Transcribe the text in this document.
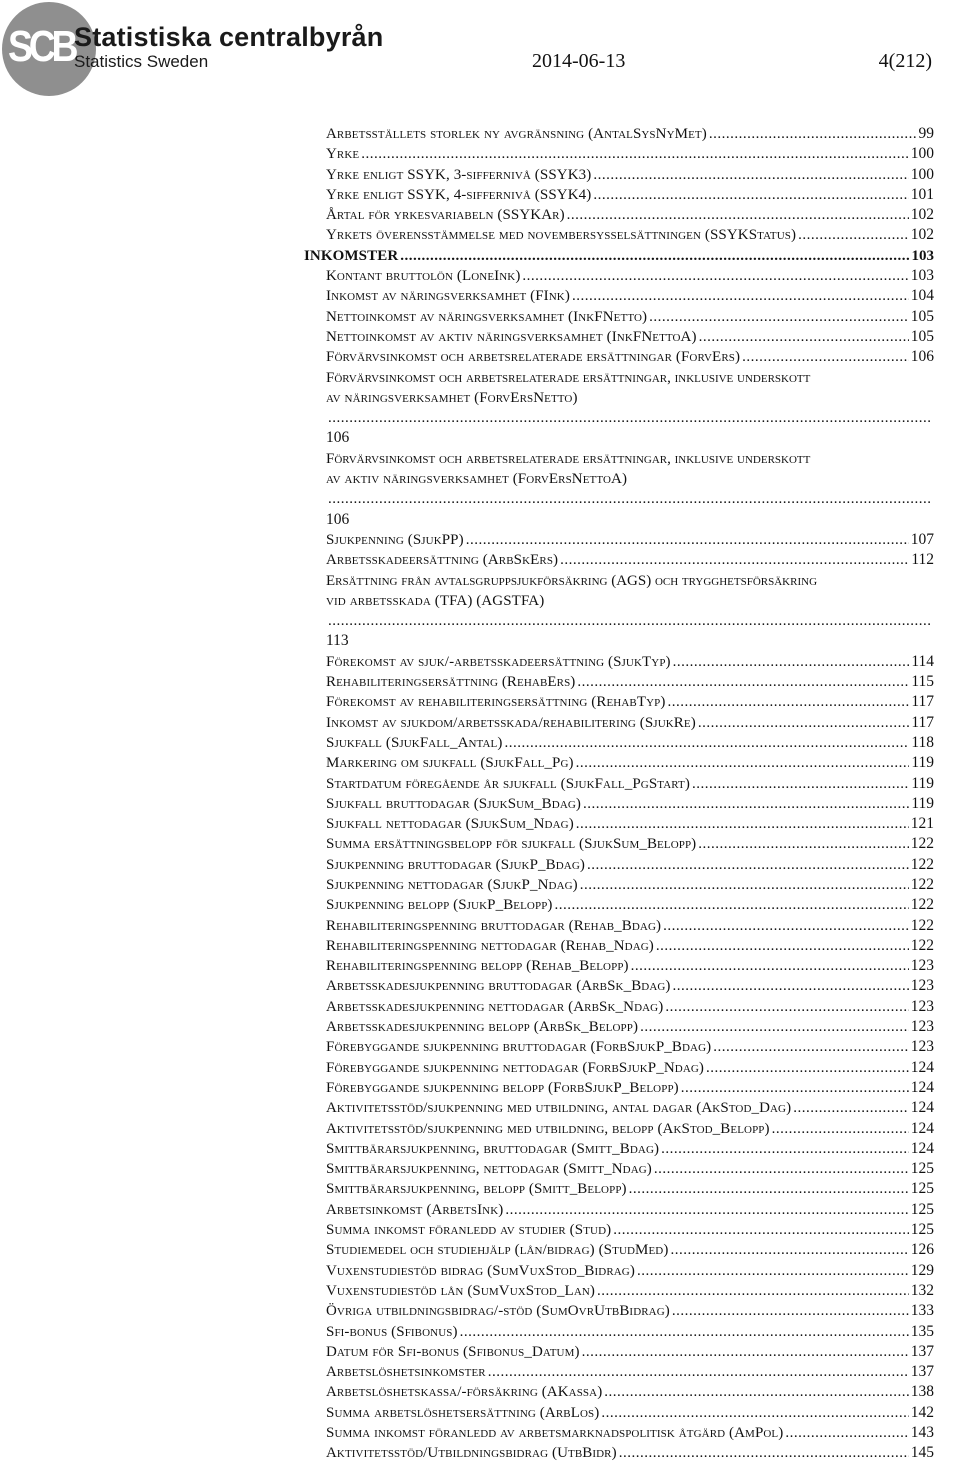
SCB Statistiska centralbyrån
Statistics Sweden	2014-06-13	4(212)
Arbetsställets storlek ny avgränsning (AntalSysNyMet) .....	99
Yrke .....	100
Yrke enligt SSYK, 3-siffernivå (SSYK3) .....	100
Yrke enligt SSYK, 4-siffernivå (SSYK4) .....	101
Årtal för yrkesvariabeln (SSYKAr) .....	102
Yrkets överensstämmelse med novembersysselsättningen (SSYKStatus) .....	102
INKOMSTER .....	103
Kontant bruttolön (LoneInk) .....	103
Inkomst av näringsverksamhet (FInk) .....	104
Nettoinkomst av näringsverksamhet (InkFNetto) .....	105
Nettoinkomst av aktiv näringsverksamhet (InkFNettoA) .....	105
Förvärvsinkomst och arbetsrelaterade ersättningar (ForvErs) .....	106
Förvärvsinkomst och arbetsrelaterade ersättningar, inklusive underskott
av näringsverksamhet (ForvErsNetto)
.....
106
Förvärvsinkomst och arbetsrelaterade ersättningar, inklusive underskott
av aktiv näringsverksamhet (ForvErsNettoA)
.....
106
Sjukpenning (SjukPP) .....	107
Arbetsskadeersättning (ArbSkErs) .....	112
Ersättning från avtalsgruppsjukförsäkring (AGS) och trygghetsförsäkring
vid arbetsskada (TFA) (AGSTFA)
.....
113
Förekomst av sjuk/-arbetsskadeersättning (SjukTyp) .....	114
Rehabiliteringsersättning (RehabErs) .....	115
Förekomst av rehabiliteringsersättning (RehabTyp) .....	117
Inkomst av sjukdom/arbetsskada/rehabilitering (SjukRe) .....	117
Sjukfall (SjukFall_Antal) .....	118
Markering om sjukfall (SjukFall_Pg) .....	119
Startdatum föregående år sjukfall (SjukFall_PgStart) .....	119
Sjukfall bruttodagar (SjukSum_Bdag) .....	119
Sjukfall nettodagar (SjukSum_Ndag) .....	121
Summa ersättningsbelopp för sjukfall (SjukSum_Belopp) .....	122
Sjukpenning bruttodagar (SjukP_Bdag) .....	122
Sjukpenning nettodagar (SjukP_Ndag) .....	122
Sjukpenning belopp (SjukP_Belopp) .....	122
Rehabiliteringspenning bruttodagar (Rehab_Bdag) .....	122
Rehabiliteringspenning nettodagar (Rehab_Ndag) .....	122
Rehabiliteringspenning belopp (Rehab_Belopp) .....	123
Arbetsskadesjukpenning bruttodagar (ArbSk_Bdag) .....	123
Arbetsskadesjukpenning nettodagar (ArbSk_Ndag) .....	123
Arbetsskadesjukpenning belopp (ArbSk_Belopp) .....	123
Förebyggande sjukpenning bruttodagar (ForbSjukP_Bdag) .....	123
Förebyggande sjukpenning nettodagar (ForbSjukP_Ndag) .....	124
Förebyggande sjukpenning belopp (ForbSjukP_Belopp) .....	124
Aktivitetsstöd/sjukpenning med utbildning, antal dagar (AkStod_Dag) .....	124
Aktivitetsstöd/sjukpenning med utbildning, belopp (AkStod_Belopp) .....	124
Smittbärarsjukpenning, bruttodagar (Smitt_Bdag) .....	124
Smittbärarsjukpenning, nettodagar (Smitt_Ndag) .....	125
Smittbärarsjukpenning, belopp (Smitt_Belopp) .....	125
Arbetsinkomst (ArbetsInk) .....	125
Summa inkomst föranledd av studier (Stud) .....	125
Studiemedel och studiehjälp (lån/bidrag) (StudMed) .....	126
Vuxenstudiestöd bidrag (SumVuxStod_Bidrag) .....	129
Vuxenstudiestöd lån (SumVuxStod_Lan) .....	132
Övriga utbildningsbidrag/-stöd (SumOvrUtbBidrag) .....	133
Sfi-bonus (Sfibonus) .....	135
Datum för Sfi-bonus (Sfibonus_Datum) .....	137
Arbetslöshetsinkomster .....	137
Arbetslöshetskassa/-försäkring (AKassa) .....	138
Summa arbetslöshetsersättning (ArbLos) .....	142
Summa inkomst föranledd av arbetsmarknadspolitisk åtgärd (AmPol) .....	143
Aktivitetsstöd/Utbildningsbidrag (UtbBidr) .....	145
